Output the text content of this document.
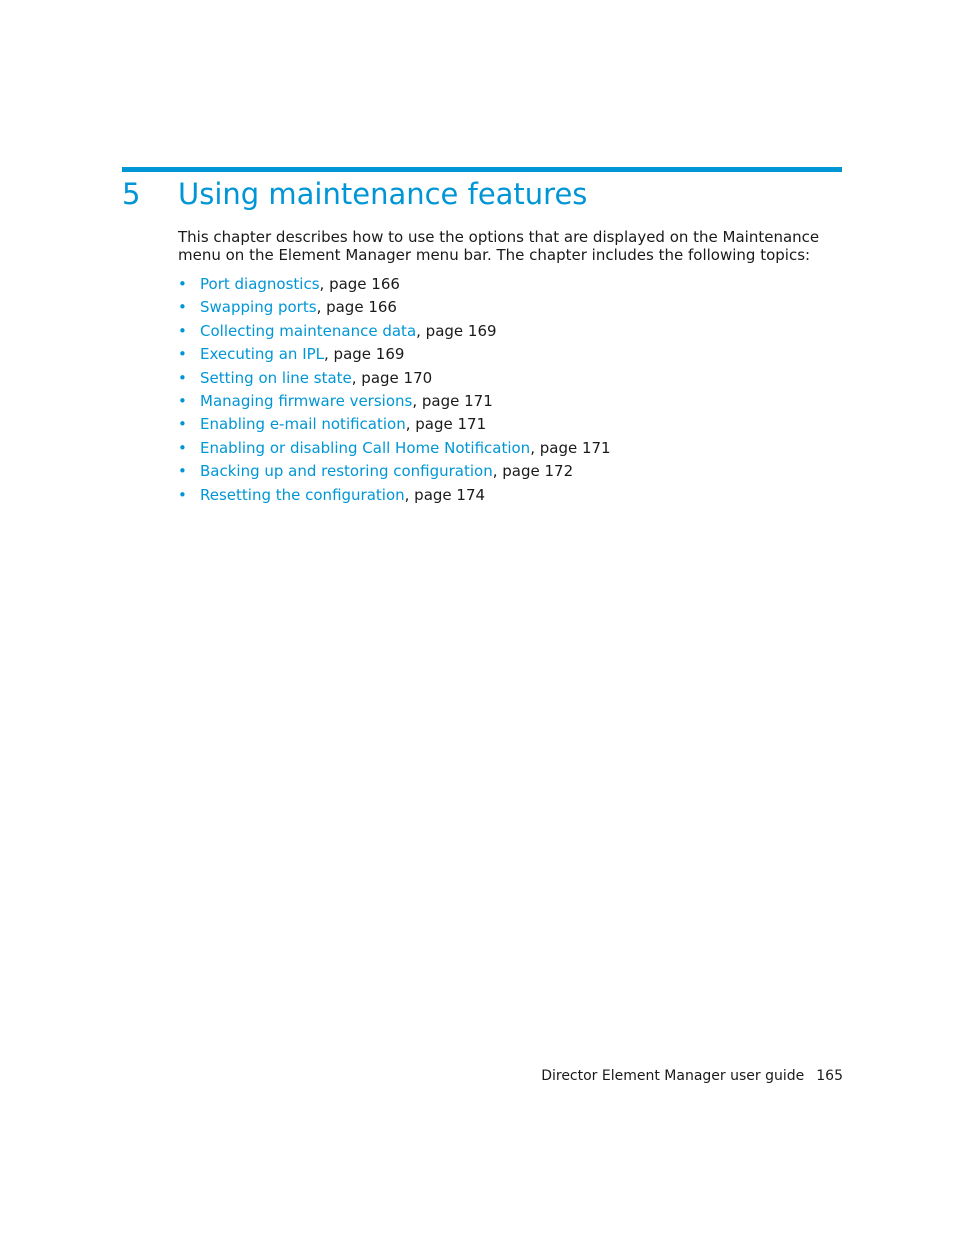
5 Using maintenance features

This chapter describes how to use the options that are displayed on the Maintenance menu on the Element Manager menu bar. The chapter includes the following topics:

• Port diagnostics, page 166
• Swapping ports, page 166
• Collecting maintenance data, page 169
• Executing an IPL, page 169
• Setting on line state, page 170
• Managing firmware versions, page 171
• Enabling e-mail notification, page 171
• Enabling or disabling Call Home Notification, page 171
• Backing up and restoring configuration, page 172
• Resetting the configuration, page 174
Director Element Manager user guide 165
